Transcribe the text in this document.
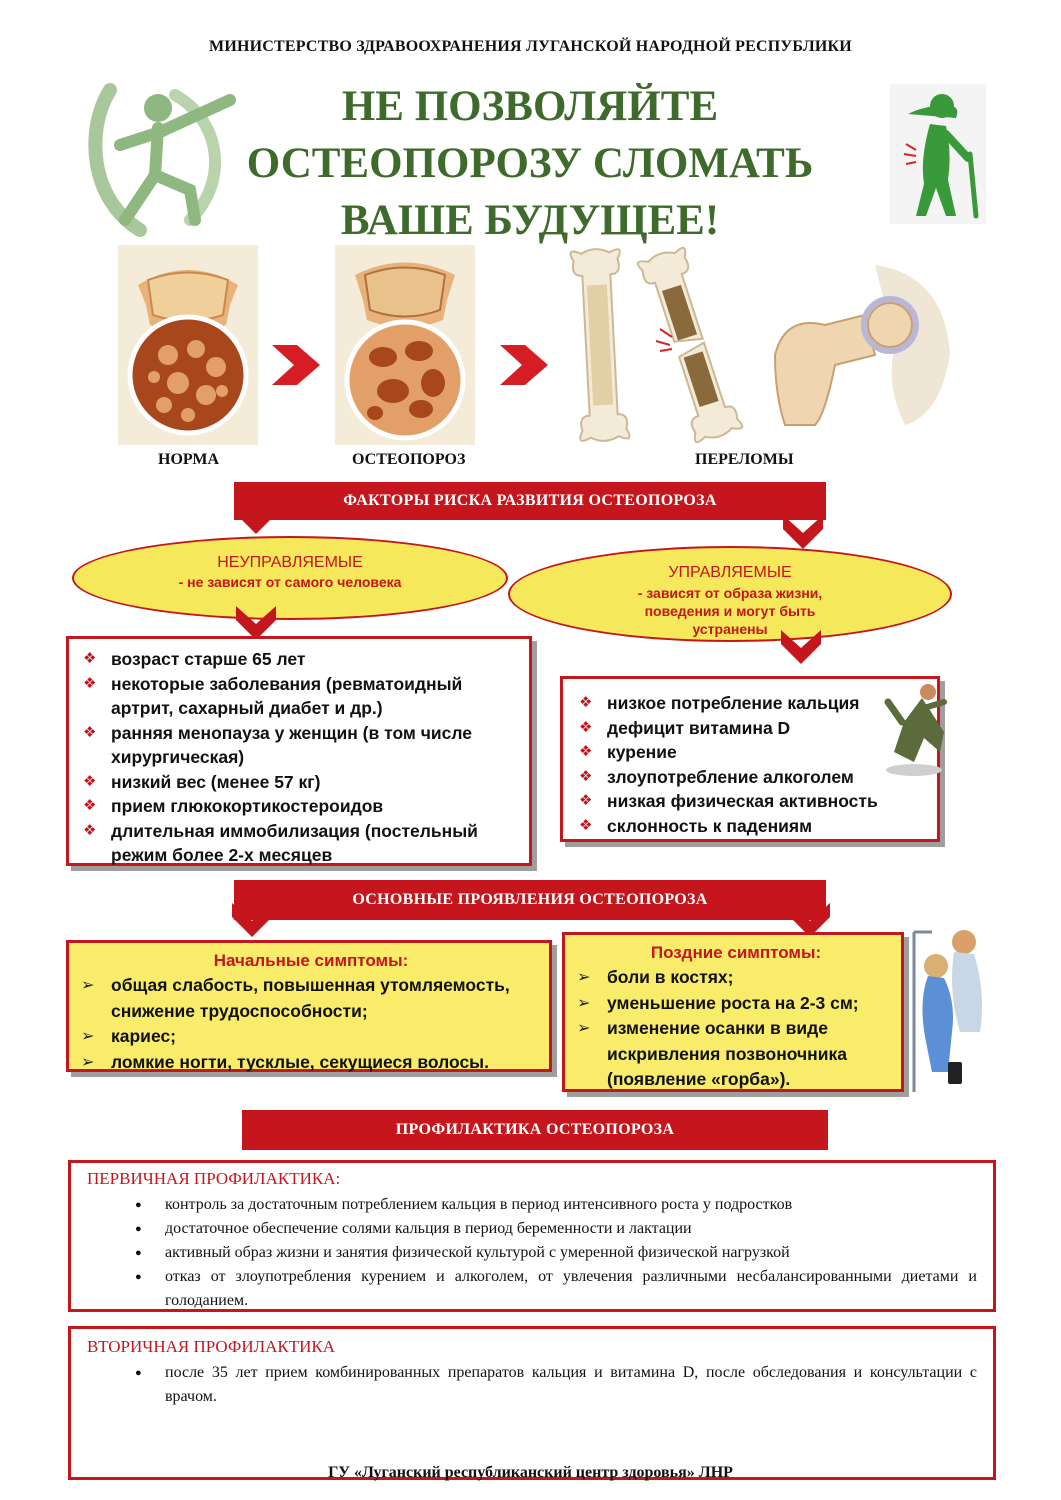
МИНИСТЕРСТВО ЗДРАВООХРАНЕНИЯ ЛУГАНСКОЙ НАРОДНОЙ РЕСПУБЛИКИ
НЕ ПОЗВОЛЯЙТЕ
ОСТЕОПОРОЗУ СЛОМАТЬ
ВАШЕ БУДУЩЕЕ!
НОРМА	ОСТЕОПОРОЗ	ПЕРЕЛОМЫ
ФАКТОРЫ РИСКА РАЗВИТИЯ ОСТЕОПОРОЗА
НЕУПРАВЛЯЕМЫЕ
- не зависят от самого человека
УПРАВЛЯЕМЫЕ
- зависят от образа жизни, поведения и могут быть устранены
❖ возраст старше 65 лет
❖ некоторые заболевания (ревматоидный артрит, сахарный диабет и др.)
❖ ранняя менопауза у женщин (в том числе хирургическая)
❖ низкий вес (менее 57 кг)
❖ прием глюкокортикостероидов
❖ длительная иммобилизация (постельный режим более 2-х месяцев
❖ низкое потребление кальция
❖ дефицит витамина D
❖ курение
❖ злоупотребление алкоголем
❖ низкая физическая активность
❖ склонность к падениям
ОСНОВНЫЕ ПРОЯВЛЕНИЯ ОСТЕОПОРОЗА
Начальные симптомы:
➢ общая слабость, повышенная утомляемость, снижение трудоспособности;
➢ кариес;
➢ ломкие ногти, тусклые, секущиеся волосы.
Поздние симптомы:
➢ боли в костях;
➢ уменьшение роста на 2-3 см;
➢ изменение осанки в виде искривления позвоночника (появление «горба»).
ПРОФИЛАКТИКА ОСТЕОПОРОЗА
ПЕРВИЧНАЯ ПРОФИЛАКТИКА:
● контроль за достаточным потреблением кальция в период интенсивного роста у подростков
● достаточное обеспечение солями кальция в период беременности и лактации
● активный образ жизни и занятия физической культурой с умеренной физической нагрузкой
● отказ от злоупотребления курением и алкоголем, от увлечения различными несбалансированными диетами и голоданием.
ВТОРИЧНАЯ ПРОФИЛАКТИКА
● после 35 лет прием комбинированных препаратов кальция и витамина D, после обследования и консультации с врачом.
ГУ «Луганский республиканский центр здоровья» ЛНР
